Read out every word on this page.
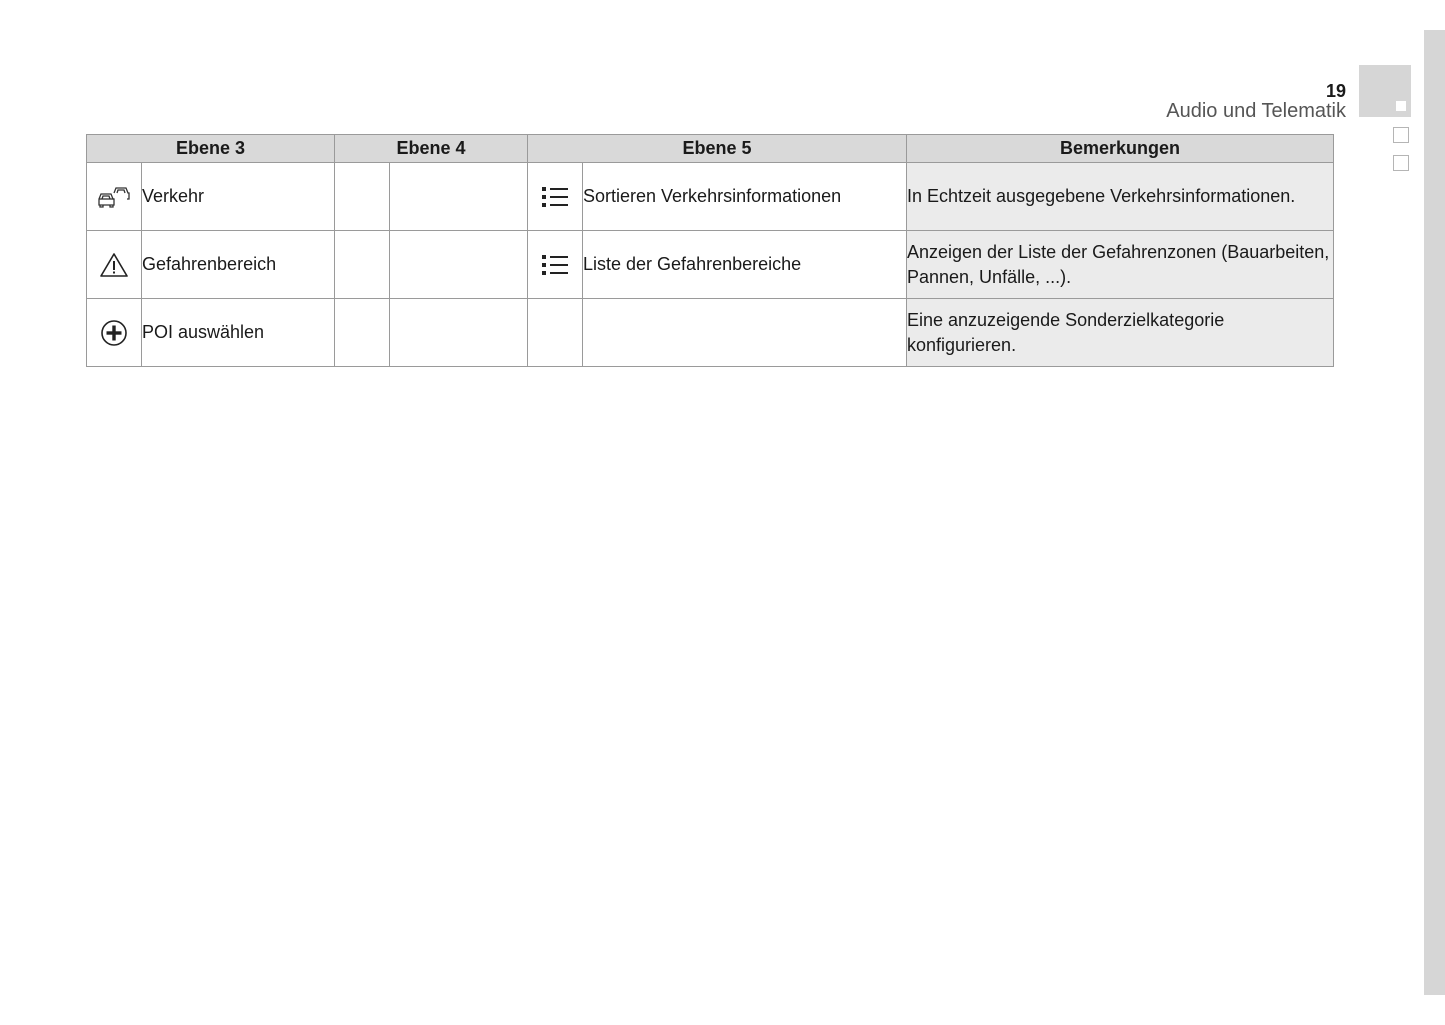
19
Audio und Telematik
Ebene 3		Ebene 4		Ebene 5		Bemerkungen

	Verkehr				Sortieren Verkehrsinformationen	In Echtzeit ausgegebene Verkehrsinformationen.

	Gefahrenbereich				Liste der Gefahrenbereiche	Anzeigen der Liste der Gefahrenzonen (Bauarbeiten, Pannen, Unfälle, ...).

	POI auswählen					Eine anzuzeigende Sonderzielkategorie konfigurieren.
